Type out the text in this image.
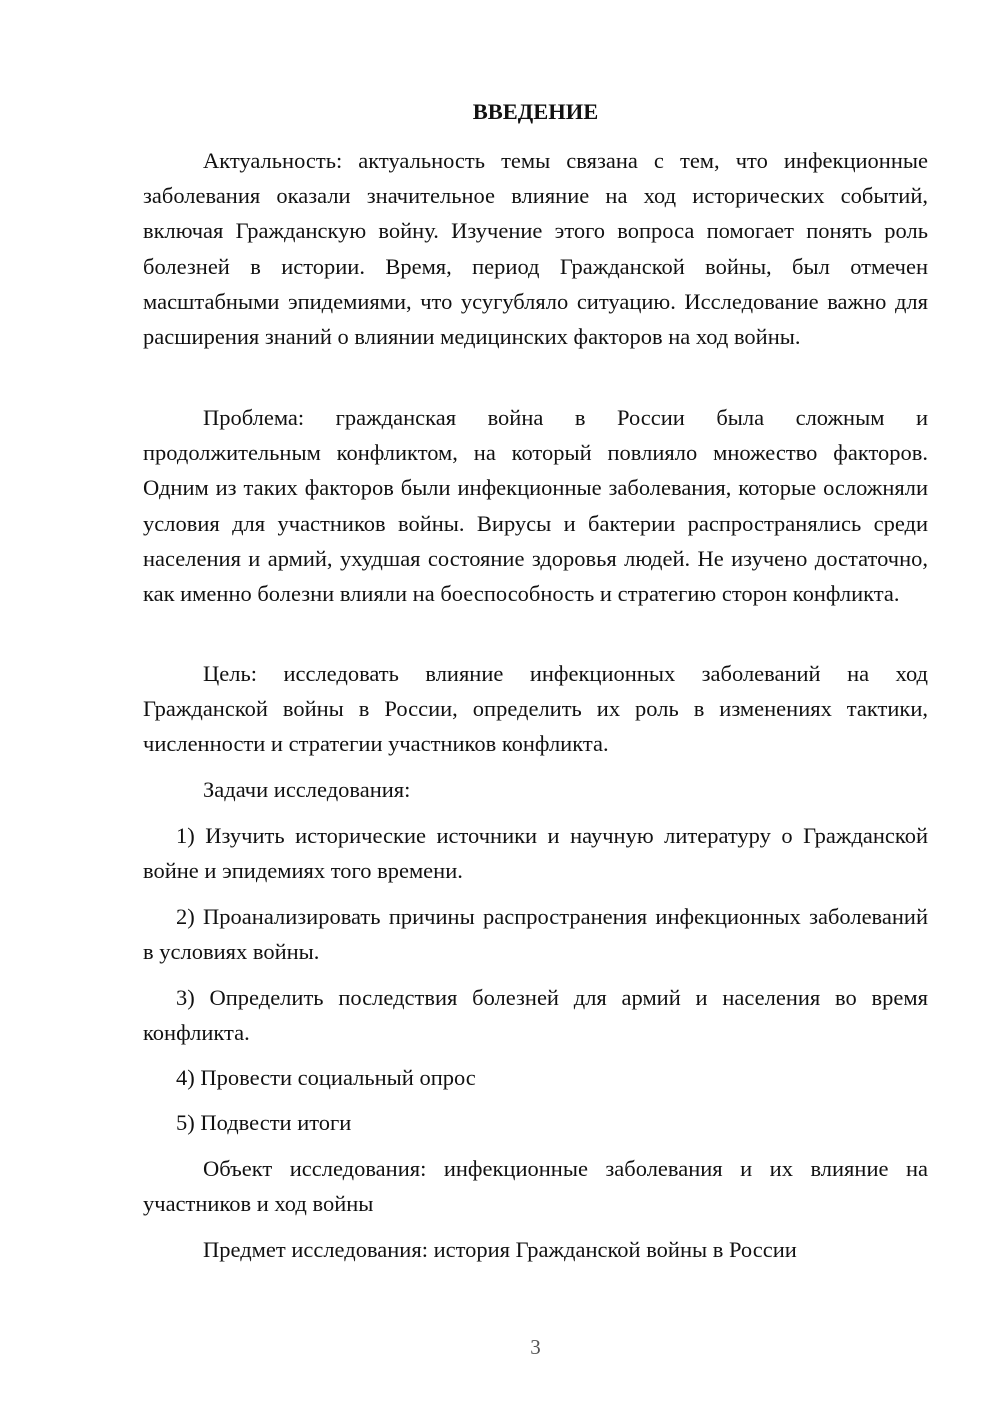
ВВЕДЕНИЕ

Актуальность: актуальность темы связана с тем, что инфекционные заболевания оказали значительное влияние на ход исторических событий, включая Гражданскую войну. Изучение этого вопроса помогает понять роль болезней в истории. Время, период Гражданской войны, был отмечен масштабными эпидемиями, что усугубляло ситуацию. Исследование важно для расширения знаний о влиянии медицинских факторов на ход войны.

Проблема: гражданская война в России была сложным и продолжительным конфликтом, на который повлияло множество факторов. Одним из таких факторов были инфекционные заболевания, которые осложняли условия для участников войны. Вирусы и бактерии распространялись среди населения и армий, ухудшая состояние здоровья людей. Не изучено достаточно, как именно болезни влияли на боеспособность и стратегию сторон конфликта.

Цель: исследовать влияние инфекционных заболеваний на ход Гражданской войны в России, определить их роль в изменениях тактики, численности и стратегии участников конфликта.

Задачи исследования:

1) Изучить исторические источники и научную литературу о Гражданской войне и эпидемиях того времени.

2) Проанализировать причины распространения инфекционных заболеваний в условиях войны.

3) Определить последствия болезней для армий и населения во время конфликта.

4) Провести социальный опрос

5) Подвести итоги

Объект исследования: инфекционные заболевания и их влияние на участников и ход войны

Предмет исследования: история Гражданской войны в России

3
